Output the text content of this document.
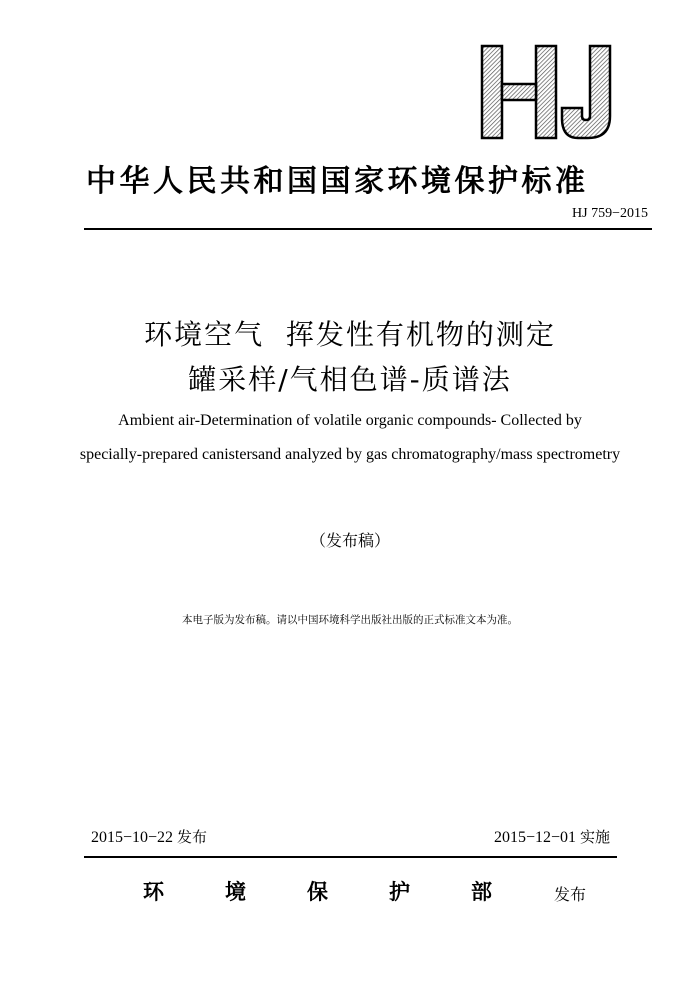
中华人民共和国国家环境保护标准
HJ 759−2015
环境空气  挥发性有机物的测定
罐采样/气相色谱-质谱法
Ambient air-Determination of volatile organic compounds- Collected by
specially-prepared canistersand analyzed by gas chromatography/mass spectrometry
（发布稿）
本电子版为发布稿。请以中国环境科学出版社出版的正式标准文本为准。
2015−10−22 发布	2015−12−01 实施
环	境	保	护	部	发布
